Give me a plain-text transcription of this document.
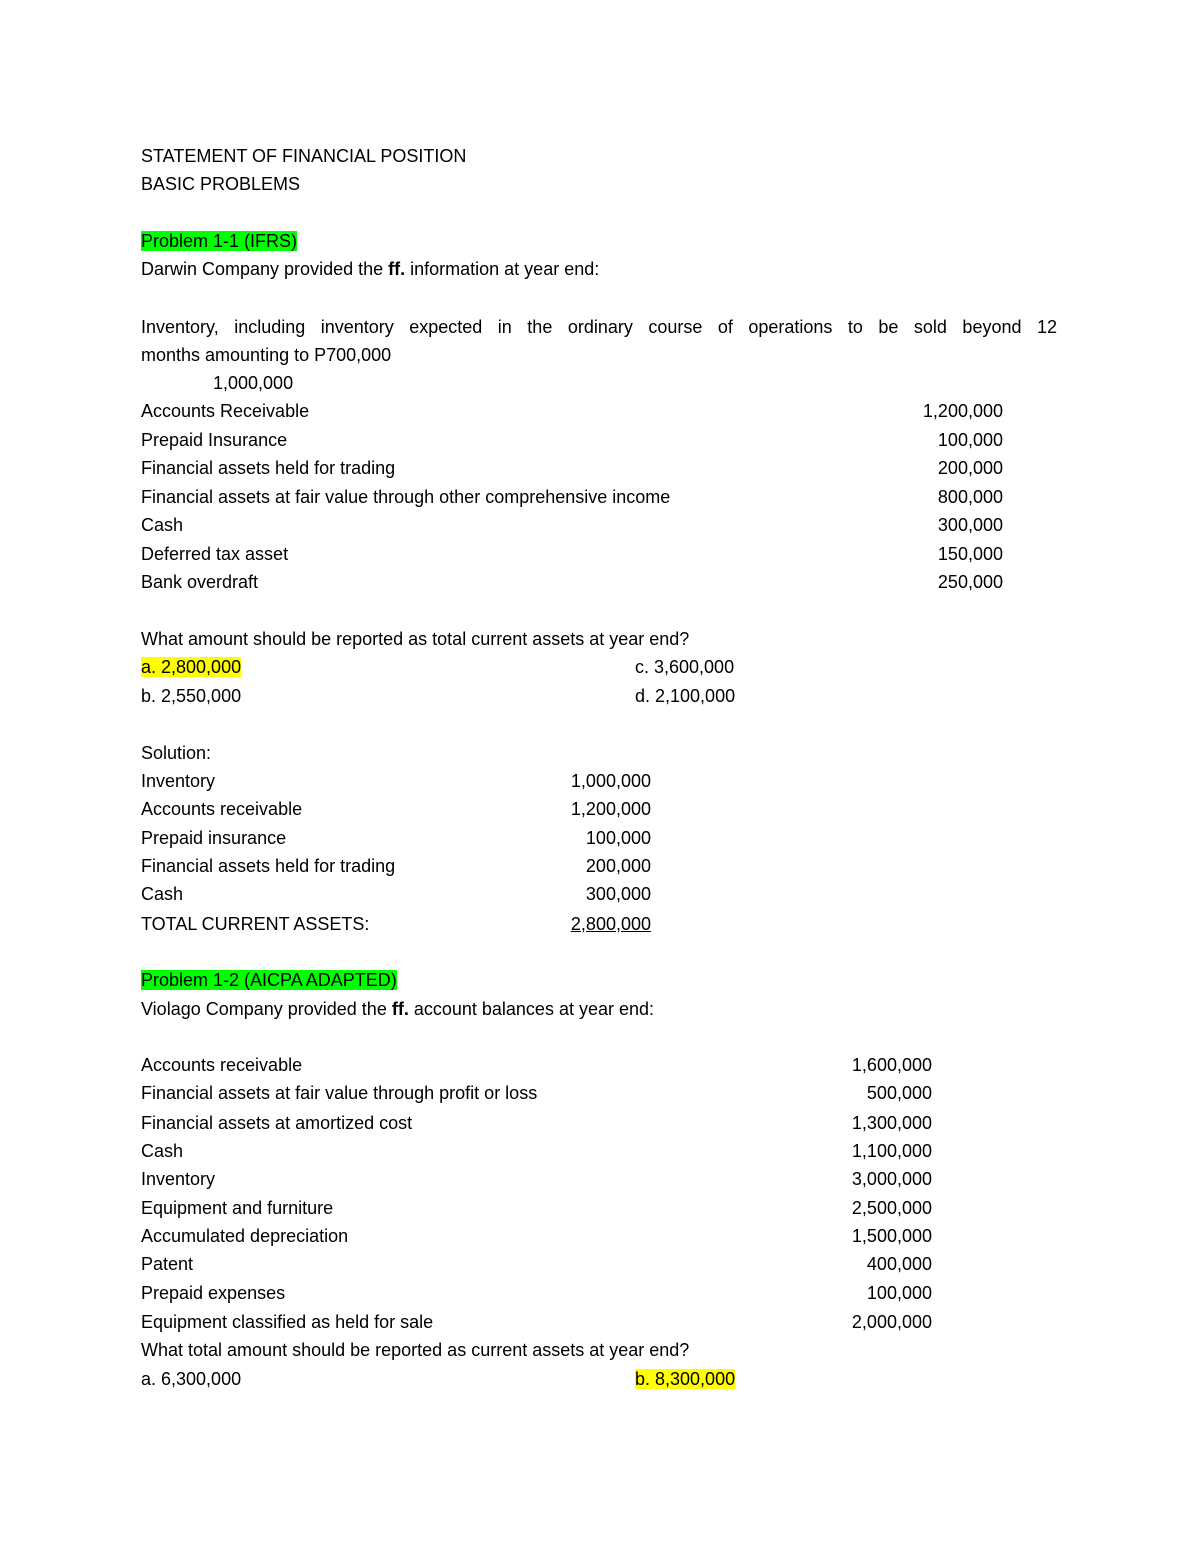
STATEMENT OF FINANCIAL POSITION
BASIC PROBLEMS
Problem 1-1 (IFRS)
Darwin Company provided the ff. information at year end:
Inventory, including inventory expected in the ordinary course of operations to be sold beyond 12
months amounting to P700,000
1,000,000
Accounts Receivable	1,200,000
Prepaid Insurance	100,000
Financial assets held for trading	200,000
Financial assets at fair value through other comprehensive income	800,000
Cash	300,000
Deferred tax asset	150,000
Bank overdraft	250,000
What amount should be reported as total current assets at year end?
a. 2,800,000	c. 3,600,000
b. 2,550,000	d. 2,100,000
Solution:
Inventory	1,000,000
Accounts receivable	1,200,000
Prepaid insurance	100,000
Financial assets held for trading	200,000
Cash	300,000
TOTAL CURRENT ASSETS:	2,800,000
Problem 1-2 (AICPA ADAPTED)
Violago Company provided the ff. account balances at year end:
Accounts receivable	1,600,000
Financial assets at fair value through profit or loss	500,000
Financial assets at amortized cost	1,300,000
Cash	1,100,000
Inventory	3,000,000
Equipment and furniture	2,500,000
Accumulated depreciation	1,500,000
Patent	400,000
Prepaid expenses	100,000
Equipment classified as held for sale	2,000,000
What total amount should be reported as current assets at year end?
a. 6,300,000	b. 8,300,000
